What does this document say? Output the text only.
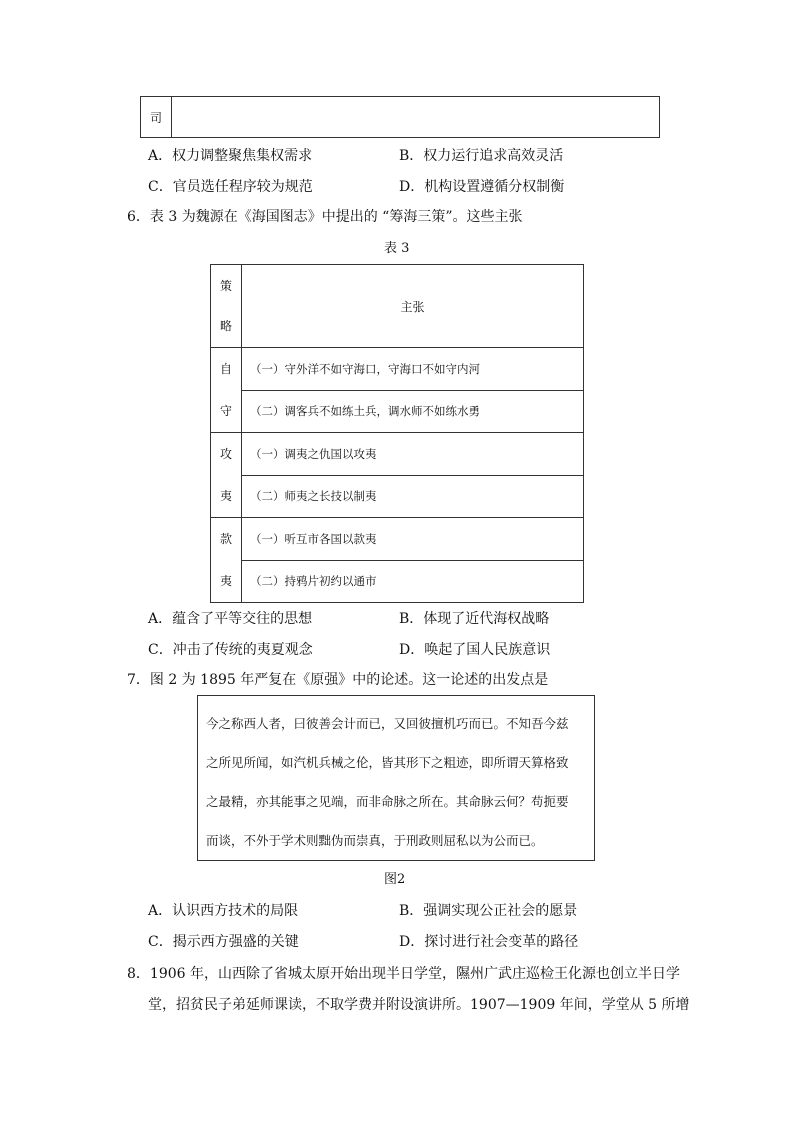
司	
A．权力调整聚焦集权需求	B．权力运行追求高效灵活
C．官员选任程序较为规范	D．机构设置遵循分权制衡
6．表 3 为魏源在《海国图志》中提出的 “筹海三策”。这些主张
表 3
策
略	主张

自
守	（一）守外洋不如守海口，守海口不如守内河
	（二）调客兵不如练土兵，调水师不如练水勇

攻
夷	（一）调夷之仇国以攻夷
	（二）师夷之长技以制夷

款
夷	（一）听互市各国以款夷
	（二）持鸦片初约以通市
A．蕴含了平等交往的思想	B．体现了近代海权战略
C．冲击了传统的夷夏观念	D．唤起了国人民族意识
7．图 2 为 1895 年严复在《原强》中的论述。这一论述的出发点是
今之称西人者，曰彼善会计而已，又回彼擅机巧而已。不知吾今兹
之所见所闻，如汽机兵械之伦，皆其形下之粗迹，即所谓天算格致
之最精，亦其能事之见端，而非命脉之所在。其命脉云何？苟扼要
而谈，不外于学术则黜伪而崇真，于刑政则屈私以为公而已。
图2
A．认识西方技术的局限	B．强调实现公正社会的愿景
C．揭示西方强盛的关键	D．探讨进行社会变革的路径
8．1906 年，山西除了省城太原开始出现半日学堂，隰州广武庄巡检王化源也创立半日学
堂，招贫民子弟延师课读，不取学费并附设演讲所。1907—1909 年间，学堂从 5 所增
